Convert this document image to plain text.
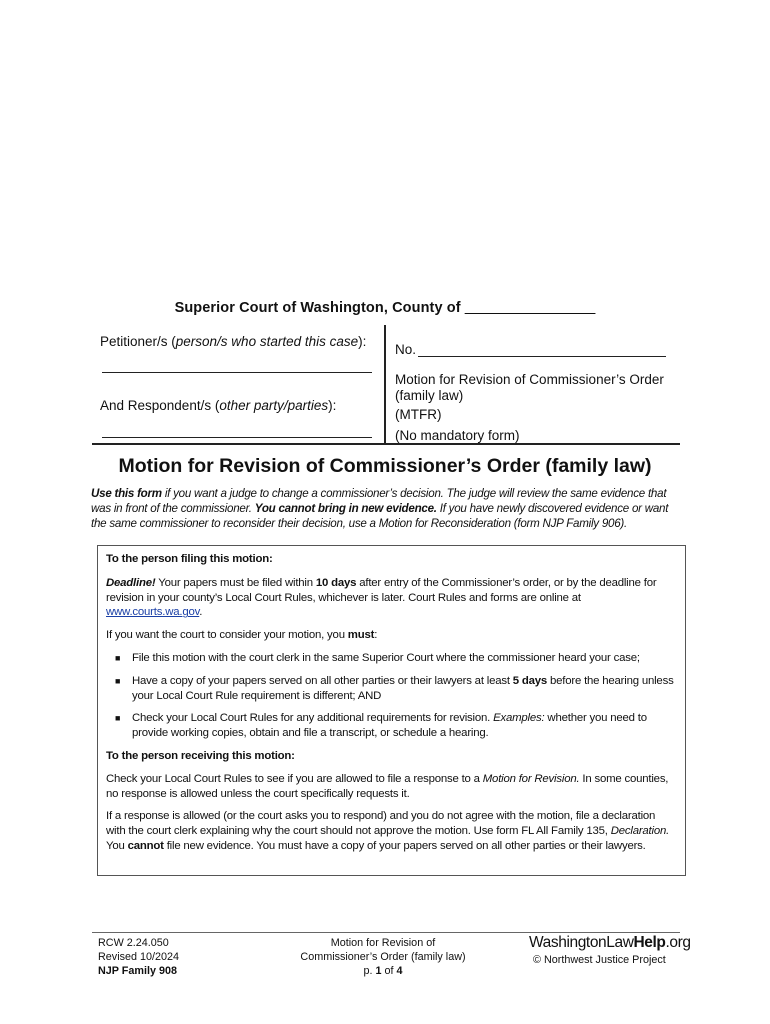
Superior Court of Washington, County of ________________
Petitioner/s (person/s who started this case):
And Respondent/s (other party/parties):
No.
Motion for Revision of Commissioner’s Order
(family law)
(MTFR)
(No mandatory form)
Motion for Revision of Commissioner’s Order (family law)
Use this form if you want a judge to change a commissioner’s decision. The judge will review the same evidence that was in front of the commissioner. You cannot bring in new evidence. If you have newly discovered evidence or want the same commissioner to reconsider their decision, use a Motion for Reconsideration (form NJP Family 906).

To the person filing this motion:

Deadline! Your papers must be filed within 10 days after entry of the Commissioner’s order, or by the deadline for revision in your county’s Local Court Rules, whichever is later. Court Rules and forms are online at www.courts.wa.gov.

If you want the court to consider your motion, you must:

■ File this motion with the court clerk in the same Superior Court where the commissioner heard your case;
■ Have a copy of your papers served on all other parties or their lawyers at least 5 days before the hearing unless your Local Court Rule requirement is different; AND
■ Check your Local Court Rules for any additional requirements for revision. Examples: whether you need to provide working copies, obtain and file a transcript, or schedule a hearing.

To the person receiving this motion:

Check your Local Court Rules to see if you are allowed to file a response to a Motion for Revision. In some counties, no response is allowed unless the court specifically requests it.

If a response is allowed (or the court asks you to respond) and you do not agree with the motion, file a declaration with the court clerk explaining why the court should not approve the motion. Use form FL All Family 135, Declaration. You cannot file new evidence. You must have a copy of your papers served on all other parties or their lawyers.

RCW 2.24.050
Revised 10/2024
NJP Family 908
Motion for Revision of
Commissioner’s Order (family law)
p. 1 of 4
WashingtonLawHelp.org
© Northwest Justice Project
